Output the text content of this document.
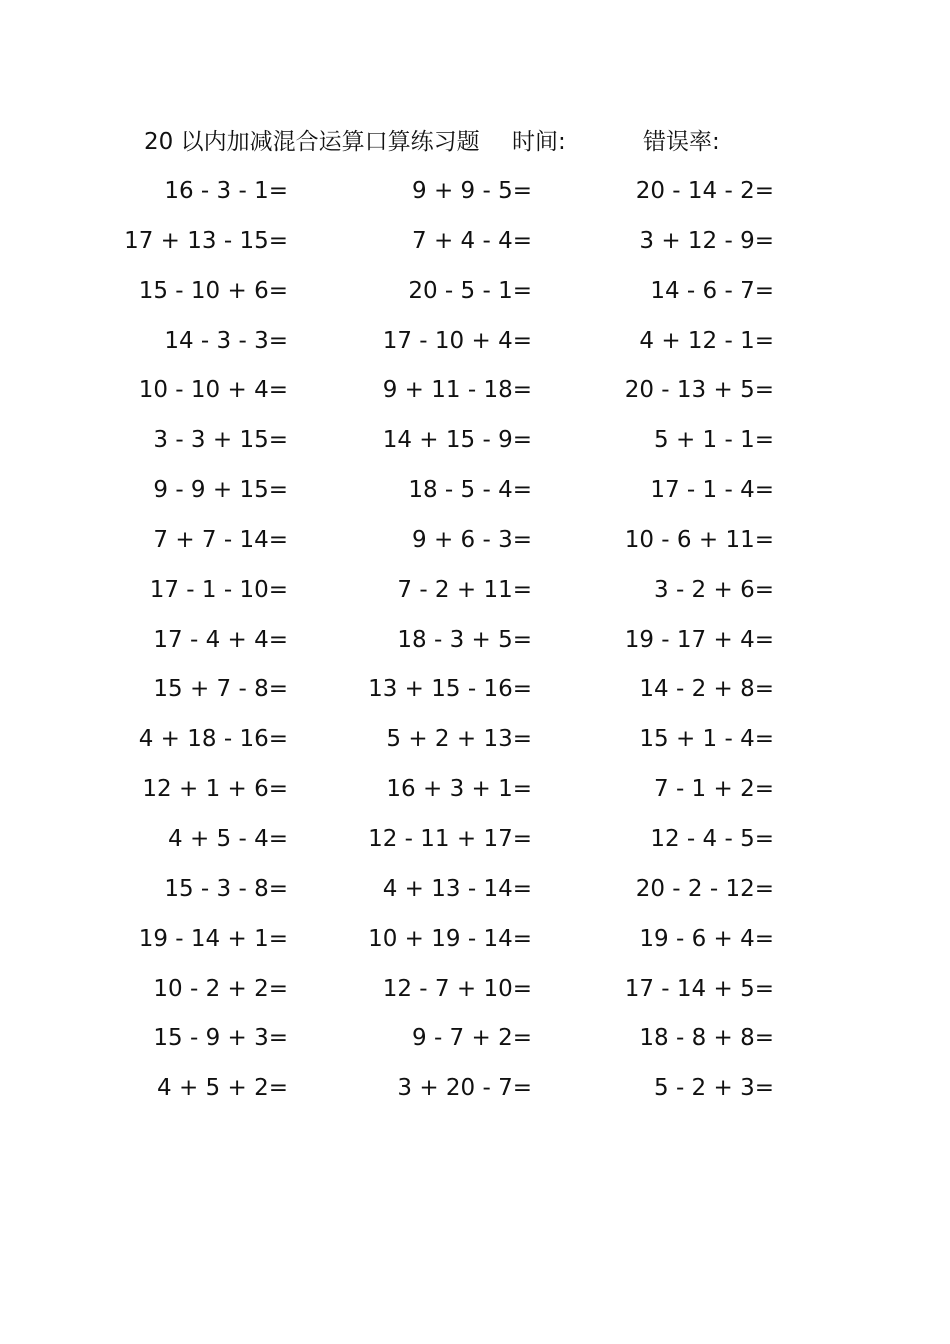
20 以内加减混合运算口算练习题 时间:	错误率:
16 - 3 - 1=	9 + 9 - 5=	20 - 14 - 2=
17 + 13 - 15=	7 + 4 - 4=	3 + 12 - 9=
15 - 10 + 6=	20 - 5 - 1=	14 - 6 - 7=
14 - 3 - 3=	17 - 10 + 4=	4 + 12 - 1=
10 - 10 + 4=	9 + 11 - 18=	20 - 13 + 5=
3 - 3 + 15=	14 + 15 - 9=	5 + 1 - 1=
9 - 9 + 15=	18 - 5 - 4=	17 - 1 - 4=
7 + 7 - 14=	9 + 6 - 3=	10 - 6 + 11=
17 - 1 - 10=	7 - 2 + 11=	3 - 2 + 6=
17 - 4 + 4=	18 - 3 + 5=	19 - 17 + 4=
15 + 7 - 8=	13 + 15 - 16=	14 - 2 + 8=
4 + 18 - 16=	5 + 2 + 13=	15 + 1 - 4=
12 + 1 + 6=	16 + 3 + 1=	7 - 1 + 2=
4 + 5 - 4=	12 - 11 + 17=	12 - 4 - 5=
15 - 3 - 8=	4 + 13 - 14=	20 - 2 - 12=
19 - 14 + 1=	10 + 19 - 14=	19 - 6 + 4=
10 - 2 + 2=	12 - 7 + 10=	17 - 14 + 5=
15 - 9 + 3=	9 - 7 + 2=	18 - 8 + 8=
4 + 5 + 2=	3 + 20 - 7=	5 - 2 + 3=
